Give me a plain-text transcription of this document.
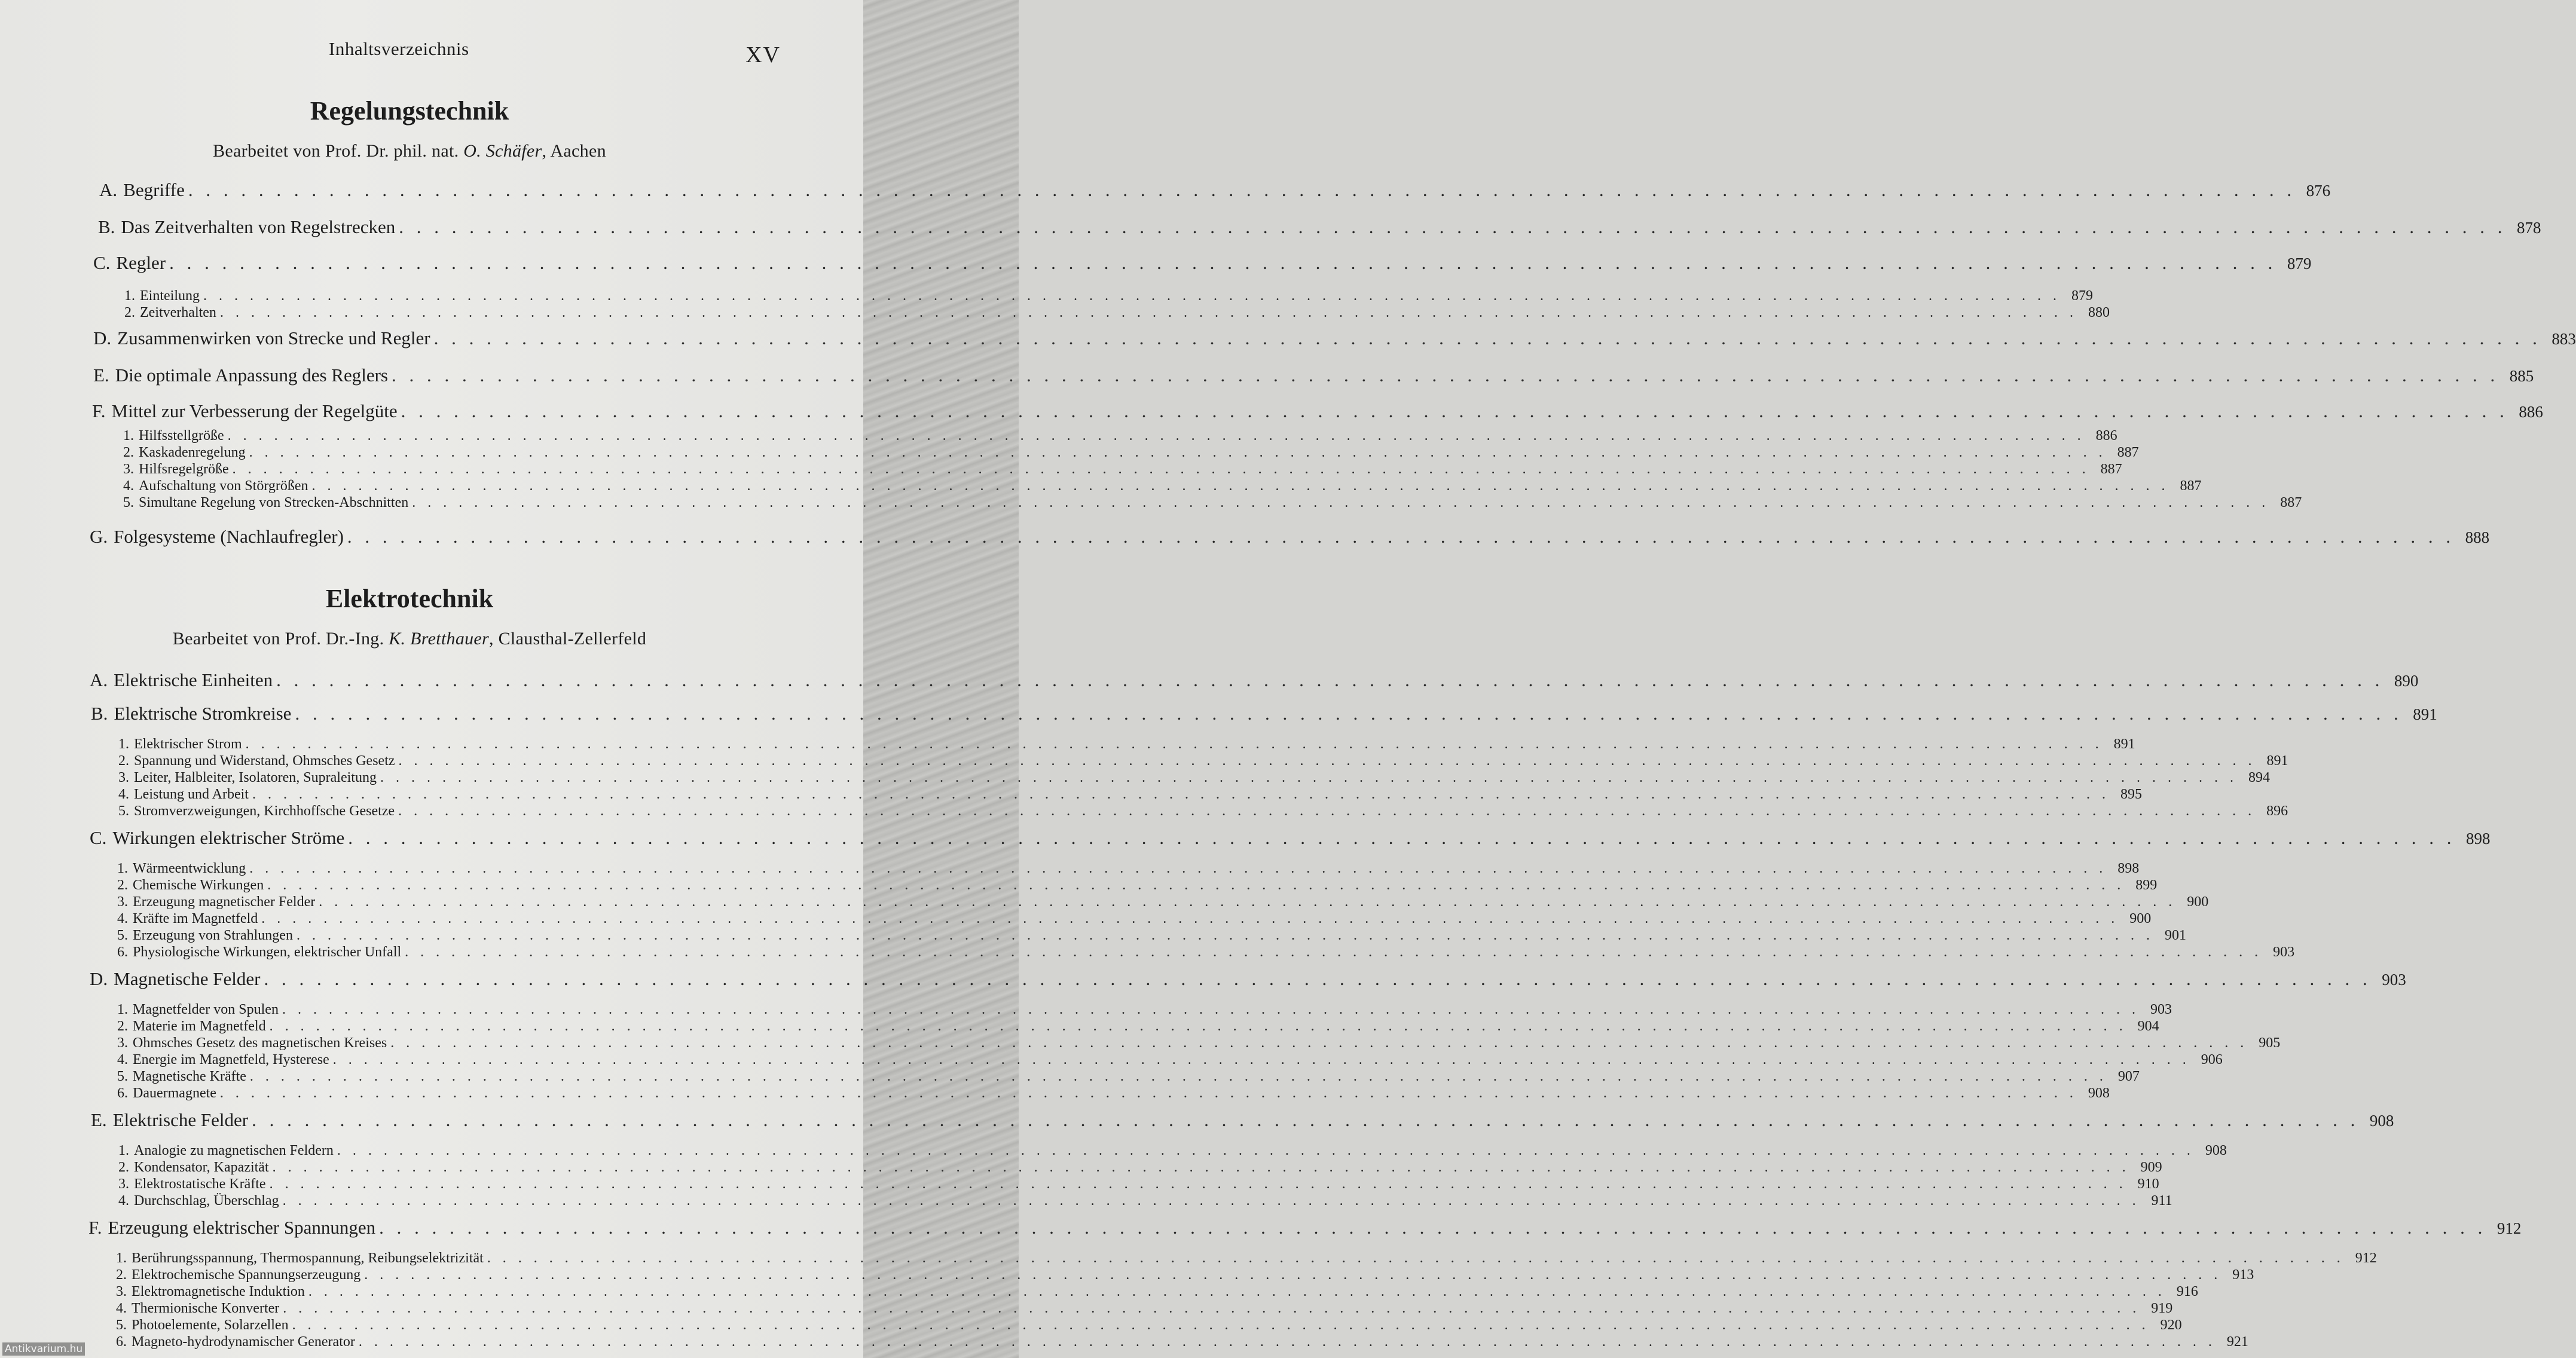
Inhaltsverzeichnis	XV
Regelungstechnik
Bearbeitet von Prof. Dr. phil. nat. O. Schäfer, Aachen
A. Begriffe . . . . . . . . . . . . . . . . . . . . . . . . . . . . . . . . . . . . . . . . . . . . . . . . . . . . . . . . . . . . . . . . . . . . . . . . . . . . . . . . . . . . . . . . . . . . . . . . . . . . . . . . . . . . . . . . . . . . . . . . 876
B. Das Zeitverhalten von Regelstrecken . . . . . . . . . . . . . . . . . . . . . . . . . . . . . . . . . . . . . . . . . . . . . . . . . . . . . . . . . . . . . . . . . . . . . . . . . . . . . . . . . . . . . . . . . . . . . . . . . . . . . . . . . . . . . . . . . . . . . . . . 878
C. Regler . . . . . . . . . . . . . . . . . . . . . . . . . . . . . . . . . . . . . . . . . . . . . . . . . . . . . . . . . . . . . . . . . . . . . . . . . . . . . . . . . . . . . . . . . . . . . . . . . . . . . . . . . . . . . . . . . . . . . . . . 879
1. Einteilung . . . . . . . . . . . . . . . . . . . . . . . . . . . . . . . . . . . . . . . . . . . . . . . . . . . . . . . . . . . . . . . . . . . . . . . . . . . . . . . . . . . . . . . . . . . . . . . . . . . . . . . . . . . . . . . . . . . . . . . . 879
2. Zeitverhalten . . . . . . . . . . . . . . . . . . . . . . . . . . . . . . . . . . . . . . . . . . . . . . . . . . . . . . . . . . . . . . . . . . . . . . . . . . . . . . . . . . . . . . . . . . . . . . . . . . . . . . . . . . . . . . . . . . . . . . . . 880
D. Zusammenwirken von Strecke und Regler . . . . . . . . . . . . . . . . . . . . . . . . . . . . . . . . . . . . . . . . . . . . . . . . . . . . . . . . . . . . . . . . . . . . . . . . . . . . . . . . . . . . . . . . . . . . . . . . . . . . . . . . . . . . . . . . . . . . . . . . 883
E. Die optimale Anpassung des Reglers . . . . . . . . . . . . . . . . . . . . . . . . . . . . . . . . . . . . . . . . . . . . . . . . . . . . . . . . . . . . . . . . . . . . . . . . . . . . . . . . . . . . . . . . . . . . . . . . . . . . . . . . . . . . . . . . . . . . . . . . 885
F. Mittel zur Verbesserung der Regelgüte . . . . . . . . . . . . . . . . . . . . . . . . . . . . . . . . . . . . . . . . . . . . . . . . . . . . . . . . . . . . . . . . . . . . . . . . . . . . . . . . . . . . . . . . . . . . . . . . . . . . . . . . . . . . . . . . . . . . . . . . 886
1. Hilfsstellgröße . . . . . . . . . . . . . . . . . . . . . . . . . . . . . . . . . . . . . . . . . . . . . . . . . . . . . . . . . . . . . . . . . . . . . . . . . . . . . . . . . . . . . . . . . . . . . . . . . . . . . . . . . . . . . . . . . . . . . . . . 886
2. Kaskadenregelung . . . . . . . . . . . . . . . . . . . . . . . . . . . . . . . . . . . . . . . . . . . . . . . . . . . . . . . . . . . . . . . . . . . . . . . . . . . . . . . . . . . . . . . . . . . . . . . . . . . . . . . . . . . . . . . . . . . . . . . . 887
3. Hilfsregelgröße . . . . . . . . . . . . . . . . . . . . . . . . . . . . . . . . . . . . . . . . . . . . . . . . . . . . . . . . . . . . . . . . . . . . . . . . . . . . . . . . . . . . . . . . . . . . . . . . . . . . . . . . . . . . . . . . . . . . . . . . 887
4. Aufschaltung von Störgrößen . . . . . . . . . . . . . . . . . . . . . . . . . . . . . . . . . . . . . . . . . . . . . . . . . . . . . . . . . . . . . . . . . . . . . . . . . . . . . . . . . . . . . . . . . . . . . . . . . . . . . . . . . . . . . . . . . . . . . . . . 887
5. Simultane Regelung von Strecken-Abschnitten . . . . . . . . . . . . . . . . . . . . . . . . . . . . . . . . . . . . . . . . . . . . . . . . . . . . . . . . . . . . . . . . . . . . . . . . . . . . . . . . . . . . . . . . . . . . . . . . . . . . . . . . . . . . . . . . . . . . . . . . 887
G. Folgesysteme (Nachlaufregler) . . . . . . . . . . . . . . . . . . . . . . . . . . . . . . . . . . . . . . . . . . . . . . . . . . . . . . . . . . . . . . . . . . . . . . . . . . . . . . . . . . . . . . . . . . . . . . . . . . . . . . . . . . . . . . . . . . . . . . . . 888
Elektrotechnik
Bearbeitet von Prof. Dr.-Ing. K. Bretthauer, Clausthal-Zellerfeld
A. Elektrische Einheiten . . . . . . . . . . . . . . . . . . . . . . . . . . . . . . . . . . . . . . . . . . . . . . . . . . . . . . . . . . . . . . . . . . . . . . . . . . . . . . . . . . . . . . . . . . . . . . . . . . . . . . . . . . . . . . . . . . . . . . . . 890
B. Elektrische Stromkreise . . . . . . . . . . . . . . . . . . . . . . . . . . . . . . . . . . . . . . . . . . . . . . . . . . . . . . . . . . . . . . . . . . . . . . . . . . . . . . . . . . . . . . . . . . . . . . . . . . . . . . . . . . . . . . . . . . . . . . . . 891
1. Elektrischer Strom . . . . . . . . . . . . . . . . . . . . . . . . . . . . . . . . . . . . . . . . . . . . . . . . . . . . . . . . . . . . . . . . . . . . . . . . . . . . . . . . . . . . . . . . . . . . . . . . . . . . . . . . . . . . . . . . . . . . . . . . 891
2. Spannung und Widerstand, Ohmsches Gesetz . . . . . . . . . . . . . . . . . . . . . . . . . . . . . . . . . . . . . . . . . . . . . . . . . . . . . . . . . . . . . . . . . . . . . . . . . . . . . . . . . . . . . . . . . . . . . . . . . . . . . . . . . . . . . . . . . . . . . . . . 891
3. Leiter, Halbleiter, Isolatoren, Supraleitung . . . . . . . . . . . . . . . . . . . . . . . . . . . . . . . . . . . . . . . . . . . . . . . . . . . . . . . . . . . . . . . . . . . . . . . . . . . . . . . . . . . . . . . . . . . . . . . . . . . . . . . . . . . . . . . . . . . . . . . . 894
4. Leistung und Arbeit . . . . . . . . . . . . . . . . . . . . . . . . . . . . . . . . . . . . . . . . . . . . . . . . . . . . . . . . . . . . . . . . . . . . . . . . . . . . . . . . . . . . . . . . . . . . . . . . . . . . . . . . . . . . . . . . . . . . . . . . 895
5. Stromverzweigungen, Kirchhoffsche Gesetze . . . . . . . . . . . . . . . . . . . . . . . . . . . . . . . . . . . . . . . . . . . . . . . . . . . . . . . . . . . . . . . . . . . . . . . . . . . . . . . . . . . . . . . . . . . . . . . . . . . . . . . . . . . . . . . . . . . . . . . . 896
C. Wirkungen elektrischer Ströme . . . . . . . . . . . . . . . . . . . . . . . . . . . . . . . . . . . . . . . . . . . . . . . . . . . . . . . . . . . . . . . . . . . . . . . . . . . . . . . . . . . . . . . . . . . . . . . . . . . . . . . . . . . . . . . . . . . . . . . . 898
1. Wärmeentwicklung . . . . . . . . . . . . . . . . . . . . . . . . . . . . . . . . . . . . . . . . . . . . . . . . . . . . . . . . . . . . . . . . . . . . . . . . . . . . . . . . . . . . . . . . . . . . . . . . . . . . . . . . . . . . . . . . . . . . . . . . 898
2. Chemische Wirkungen . . . . . . . . . . . . . . . . . . . . . . . . . . . . . . . . . . . . . . . . . . . . . . . . . . . . . . . . . . . . . . . . . . . . . . . . . . . . . . . . . . . . . . . . . . . . . . . . . . . . . . . . . . . . . . . . . . . . . . . . 899
3. Erzeugung magnetischer Felder . . . . . . . . . . . . . . . . . . . . . . . . . . . . . . . . . . . . . . . . . . . . . . . . . . . . . . . . . . . . . . . . . . . . . . . . . . . . . . . . . . . . . . . . . . . . . . . . . . . . . . . . . . . . . . . . . . . . . . . . 900
4. Kräfte im Magnetfeld . . . . . . . . . . . . . . . . . . . . . . . . . . . . . . . . . . . . . . . . . . . . . . . . . . . . . . . . . . . . . . . . . . . . . . . . . . . . . . . . . . . . . . . . . . . . . . . . . . . . . . . . . . . . . . . . . . . . . . . . 900
5. Erzeugung von Strahlungen . . . . . . . . . . . . . . . . . . . . . . . . . . . . . . . . . . . . . . . . . . . . . . . . . . . . . . . . . . . . . . . . . . . . . . . . . . . . . . . . . . . . . . . . . . . . . . . . . . . . . . . . . . . . . . . . . . . . . . . . 901
6. Physiologische Wirkungen, elektrischer Unfall . . . . . . . . . . . . . . . . . . . . . . . . . . . . . . . . . . . . . . . . . . . . . . . . . . . . . . . . . . . . . . . . . . . . . . . . . . . . . . . . . . . . . . . . . . . . . . . . . . . . . . . . . . . . . . . . . . . . . . . . 903
D. Magnetische Felder . . . . . . . . . . . . . . . . . . . . . . . . . . . . . . . . . . . . . . . . . . . . . . . . . . . . . . . . . . . . . . . . . . . . . . . . . . . . . . . . . . . . . . . . . . . . . . . . . . . . . . . . . . . . . . . . . . . . . . . . 903
1. Magnetfelder von Spulen . . . . . . . . . . . . . . . . . . . . . . . . . . . . . . . . . . . . . . . . . . . . . . . . . . . . . . . . . . . . . . . . . . . . . . . . . . . . . . . . . . . . . . . . . . . . . . . . . . . . . . . . . . . . . . . . . . . . . . . . 903
2. Materie im Magnetfeld . . . . . . . . . . . . . . . . . . . . . . . . . . . . . . . . . . . . . . . . . . . . . . . . . . . . . . . . . . . . . . . . . . . . . . . . . . . . . . . . . . . . . . . . . . . . . . . . . . . . . . . . . . . . . . . . . . . . . . . . 904
3. Ohmsches Gesetz des magnetischen Kreises . . . . . . . . . . . . . . . . . . . . . . . . . . . . . . . . . . . . . . . . . . . . . . . . . . . . . . . . . . . . . . . . . . . . . . . . . . . . . . . . . . . . . . . . . . . . . . . . . . . . . . . . . . . . . . . . . . . . . . . . 905
4. Energie im Magnetfeld, Hysterese . . . . . . . . . . . . . . . . . . . . . . . . . . . . . . . . . . . . . . . . . . . . . . . . . . . . . . . . . . . . . . . . . . . . . . . . . . . . . . . . . . . . . . . . . . . . . . . . . . . . . . . . . . . . . . . . . . . . . . . . 906
5. Magnetische Kräfte . . . . . . . . . . . . . . . . . . . . . . . . . . . . . . . . . . . . . . . . . . . . . . . . . . . . . . . . . . . . . . . . . . . . . . . . . . . . . . . . . . . . . . . . . . . . . . . . . . . . . . . . . . . . . . . . . . . . . . . . 907
6. Dauermagnete . . . . . . . . . . . . . . . . . . . . . . . . . . . . . . . . . . . . . . . . . . . . . . . . . . . . . . . . . . . . . . . . . . . . . . . . . . . . . . . . . . . . . . . . . . . . . . . . . . . . . . . . . . . . . . . . . . . . . . . . 908
E. Elektrische Felder . . . . . . . . . . . . . . . . . . . . . . . . . . . . . . . . . . . . . . . . . . . . . . . . . . . . . . . . . . . . . . . . . . . . . . . . . . . . . . . . . . . . . . . . . . . . . . . . . . . . . . . . . . . . . . . . . . . . . . . . 908
1. Analogie zu magnetischen Feldern . . . . . . . . . . . . . . . . . . . . . . . . . . . . . . . . . . . . . . . . . . . . . . . . . . . . . . . . . . . . . . . . . . . . . . . . . . . . . . . . . . . . . . . . . . . . . . . . . . . . . . . . . . . . . . . . . . . . . . . . 908
2. Kondensator, Kapazität . . . . . . . . . . . . . . . . . . . . . . . . . . . . . . . . . . . . . . . . . . . . . . . . . . . . . . . . . . . . . . . . . . . . . . . . . . . . . . . . . . . . . . . . . . . . . . . . . . . . . . . . . . . . . . . . . . . . . . . . 909
3. Elektrostatische Kräfte . . . . . . . . . . . . . . . . . . . . . . . . . . . . . . . . . . . . . . . . . . . . . . . . . . . . . . . . . . . . . . . . . . . . . . . . . . . . . . . . . . . . . . . . . . . . . . . . . . . . . . . . . . . . . . . . . . . . . . . . 910
4. Durchschlag, Überschlag . . . . . . . . . . . . . . . . . . . . . . . . . . . . . . . . . . . . . . . . . . . . . . . . . . . . . . . . . . . . . . . . . . . . . . . . . . . . . . . . . . . . . . . . . . . . . . . . . . . . . . . . . . . . . . . . . . . . . . . . 911
F. Erzeugung elektrischer Spannungen . . . . . . . . . . . . . . . . . . . . . . . . . . . . . . . . . . . . . . . . . . . . . . . . . . . . . . . . . . . . . . . . . . . . . . . . . . . . . . . . . . . . . . . . . . . . . . . . . . . . . . . . . . . . . . . . . . . . . . . . 912
1. Berührungsspannung, Thermospannung, Reibungselektrizität . . . . . . . . . . . . . . . . . . . . . . . . . . . . . . . . . . . . . . . . . . . . . . . . . . . . . . . . . . . . . . . . . . . . . . . . . . . . . . . . . . . . . . . . . . . . . . . . . . . . . . . . . . . . . . . . . . . . . . . . 912
2. Elektrochemische Spannungserzeugung . . . . . . . . . . . . . . . . . . . . . . . . . . . . . . . . . . . . . . . . . . . . . . . . . . . . . . . . . . . . . . . . . . . . . . . . . . . . . . . . . . . . . . . . . . . . . . . . . . . . . . . . . . . . . . . . . . . . . . . . 913
3. Elektromagnetische Induktion . . . . . . . . . . . . . . . . . . . . . . . . . . . . . . . . . . . . . . . . . . . . . . . . . . . . . . . . . . . . . . . . . . . . . . . . . . . . . . . . . . . . . . . . . . . . . . . . . . . . . . . . . . . . . . . . . . . . . . . . 916
4. Thermionische Konverter . . . . . . . . . . . . . . . . . . . . . . . . . . . . . . . . . . . . . . . . . . . . . . . . . . . . . . . . . . . . . . . . . . . . . . . . . . . . . . . . . . . . . . . . . . . . . . . . . . . . . . . . . . . . . . . . . . . . . . . . 919
5. Photoelemente, Solarzellen . . . . . . . . . . . . . . . . . . . . . . . . . . . . . . . . . . . . . . . . . . . . . . . . . . . . . . . . . . . . . . . . . . . . . . . . . . . . . . . . . . . . . . . . . . . . . . . . . . . . . . . . . . . . . . . . . . . . . . . . 920
6. Magneto-hydrodynamischer Generator . . . . . . . . . . . . . . . . . . . . . . . . . . . . . . . . . . . . . . . . . . . . . . . . . . . . . . . . . . . . . . . . . . . . . . . . . . . . . . . . . . . . . . . . . . . . . . . . . . . . . . . . . . . . . . . . . . . . . . . . 921
Antikvarium.hu
